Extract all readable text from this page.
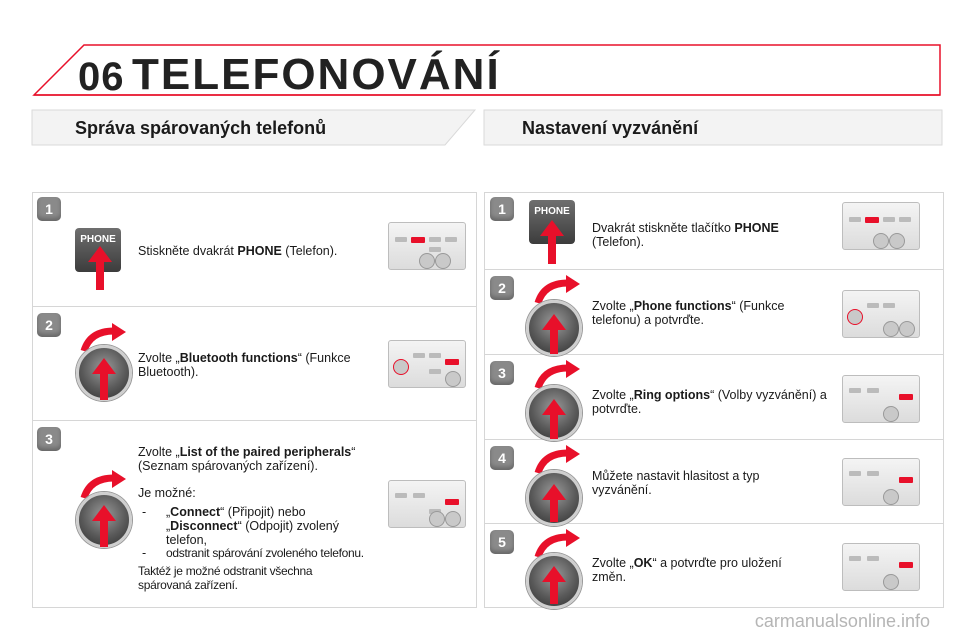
06 TELEFONOVÁNÍ
Správa spárovaných telefonů	Nastavení vyzvánění
1
PHONE
Stiskněte dvakrát PHONE (Telefon).
2
Zvolte „Bluetooth functions“ (Funkce Bluetooth).
3
Zvolte „List of the paired peripherals“ (Seznam spárovaných zařízení).
Je možné:
- „Connect“ (Připojit) nebo „Disconnect“ (Odpojit) zvolený telefon,
- odstranit spárování zvoleného telefonu.
Taktéž je možné odstranit všechna spárovaná zařízení.
1	PHONE
Dvakrát stiskněte tlačítko PHONE (Telefon).
2
Zvolte „Phone functions“ (Funkce telefonu) a potvrďte.
3
Zvolte „Ring options“ (Volby vyzvánění) a potvrďte.
4
Můžete nastavit hlasitost a typ vyzvánění.
5
Zvolte „OK“ a potvrďte pro uložení změn.
carmanualsonline.info
